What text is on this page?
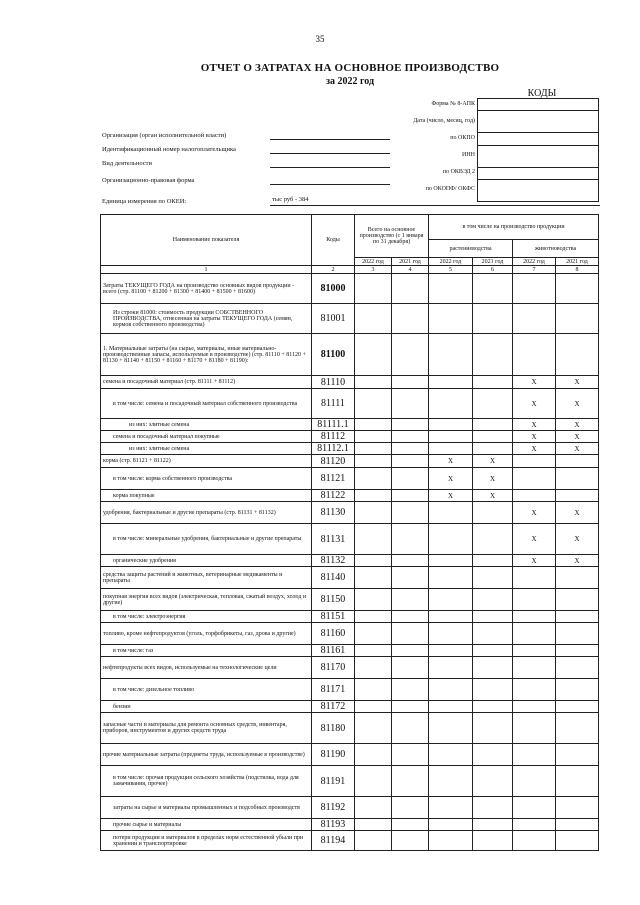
35
ОТЧЕТ О ЗАТРАТАХ НА ОСНОВНОЕ ПРОИЗВОДСТВО
за 2022 год
КОДЫ
Форма № 8-АПК
Дата (число, месяц, год)
по ОКПО
ИНН
по ОКВЭД 2
по ОКОПФ/ ОКФС
Организация (орган исполнительной власти)
Идентификационный номер налогоплательщика
Вид деятельности
Организационно-правовая форма
Единица измерения по ОКЕИ:	тыс руб - 384
Наименование показателя	Коды	Всего на основное производство (с 1 января по 31 декабря)		в том числе на производство продукции			
				растениеводства		животноводства	
		2022 год	2021 год	2022 год	2021 год	2022 год	2021 год
1	2	3	4	5	6	7	8
Затраты ТЕКУЩЕГО ГОДА на производство основных видов продукции - всего (стр. 81100 + 81200 + 81300 + 81400 + 81500 + 81600)	81000						
Из строки 81000: стоимость продукции СОБСТВЕННОГО ПРОИЗВОДСТВА, отнесенная на затраты ТЕКУЩЕГО ГОДА (семян, кормов собственного производства)	81001						
1. Материальные затраты (на сырье, материалы, иные материально-производственные запасы, используемые в производстве) (стр. 81110 + 81120 + 81130 + 81140 + 81150 + 81160 + 81170 + 81180 + 81190):	81100						
семена и посадочный материал (стр. 81111 + 81112)	81110					X	X
в том числе: семена и посадочный материал собственного производства	81111					X	X
из них: элитные семена	81111.1					X	X
семена и посадочный материал покупные	81112					X	X
из них: элитные семена	81112.1					X	X
корма (стр. 81121 + 81122)	81120			X	X		
в том числе: корма собственного производства	81121			X	X		
корма покупные	81122			X	X		
удобрения, бактериальные и другие препараты (стр. 81131 + 81132)	81130					X	X
в том числе: минеральные удобрения, бактериальные и другие препараты	81131					X	X
органические удобрения	81132					X	X
средства защиты растений и животных, ветеринарные медикаменты и препараты	81140						
покупная энергия всех видов (электрическая, тепловая, сжатый воздух, холод и другие)	81150						
в том числе: электроэнергия	81151						
топливо, кроме нефтепродуктов (уголь, торфобрикеты, газ, дрова и другие)	81160						
в том числе: газ	81161						
нефтепродукты всех видов, используемые на технологические цели	81170						
в том числе: дизельное топливо	81171						
бензин	81172						
запасные части и материалы для ремонта основных средств, инвентаря, приборов, инструментов и других средств труда	81180						
прочие материальные затраты (предметы труда, используемые в производстве)	81190						
в том числе: прочая продукция сельского хозяйства (подстилка, вода для замачивания, прочее)	81191						
затраты на сырье и материалы промышленных и подсобных производств	81192						
прочие сырье и материалы	81193						
потери продукции и материалов в пределах норм естественной убыли при хранении и транспортировке	81194						
